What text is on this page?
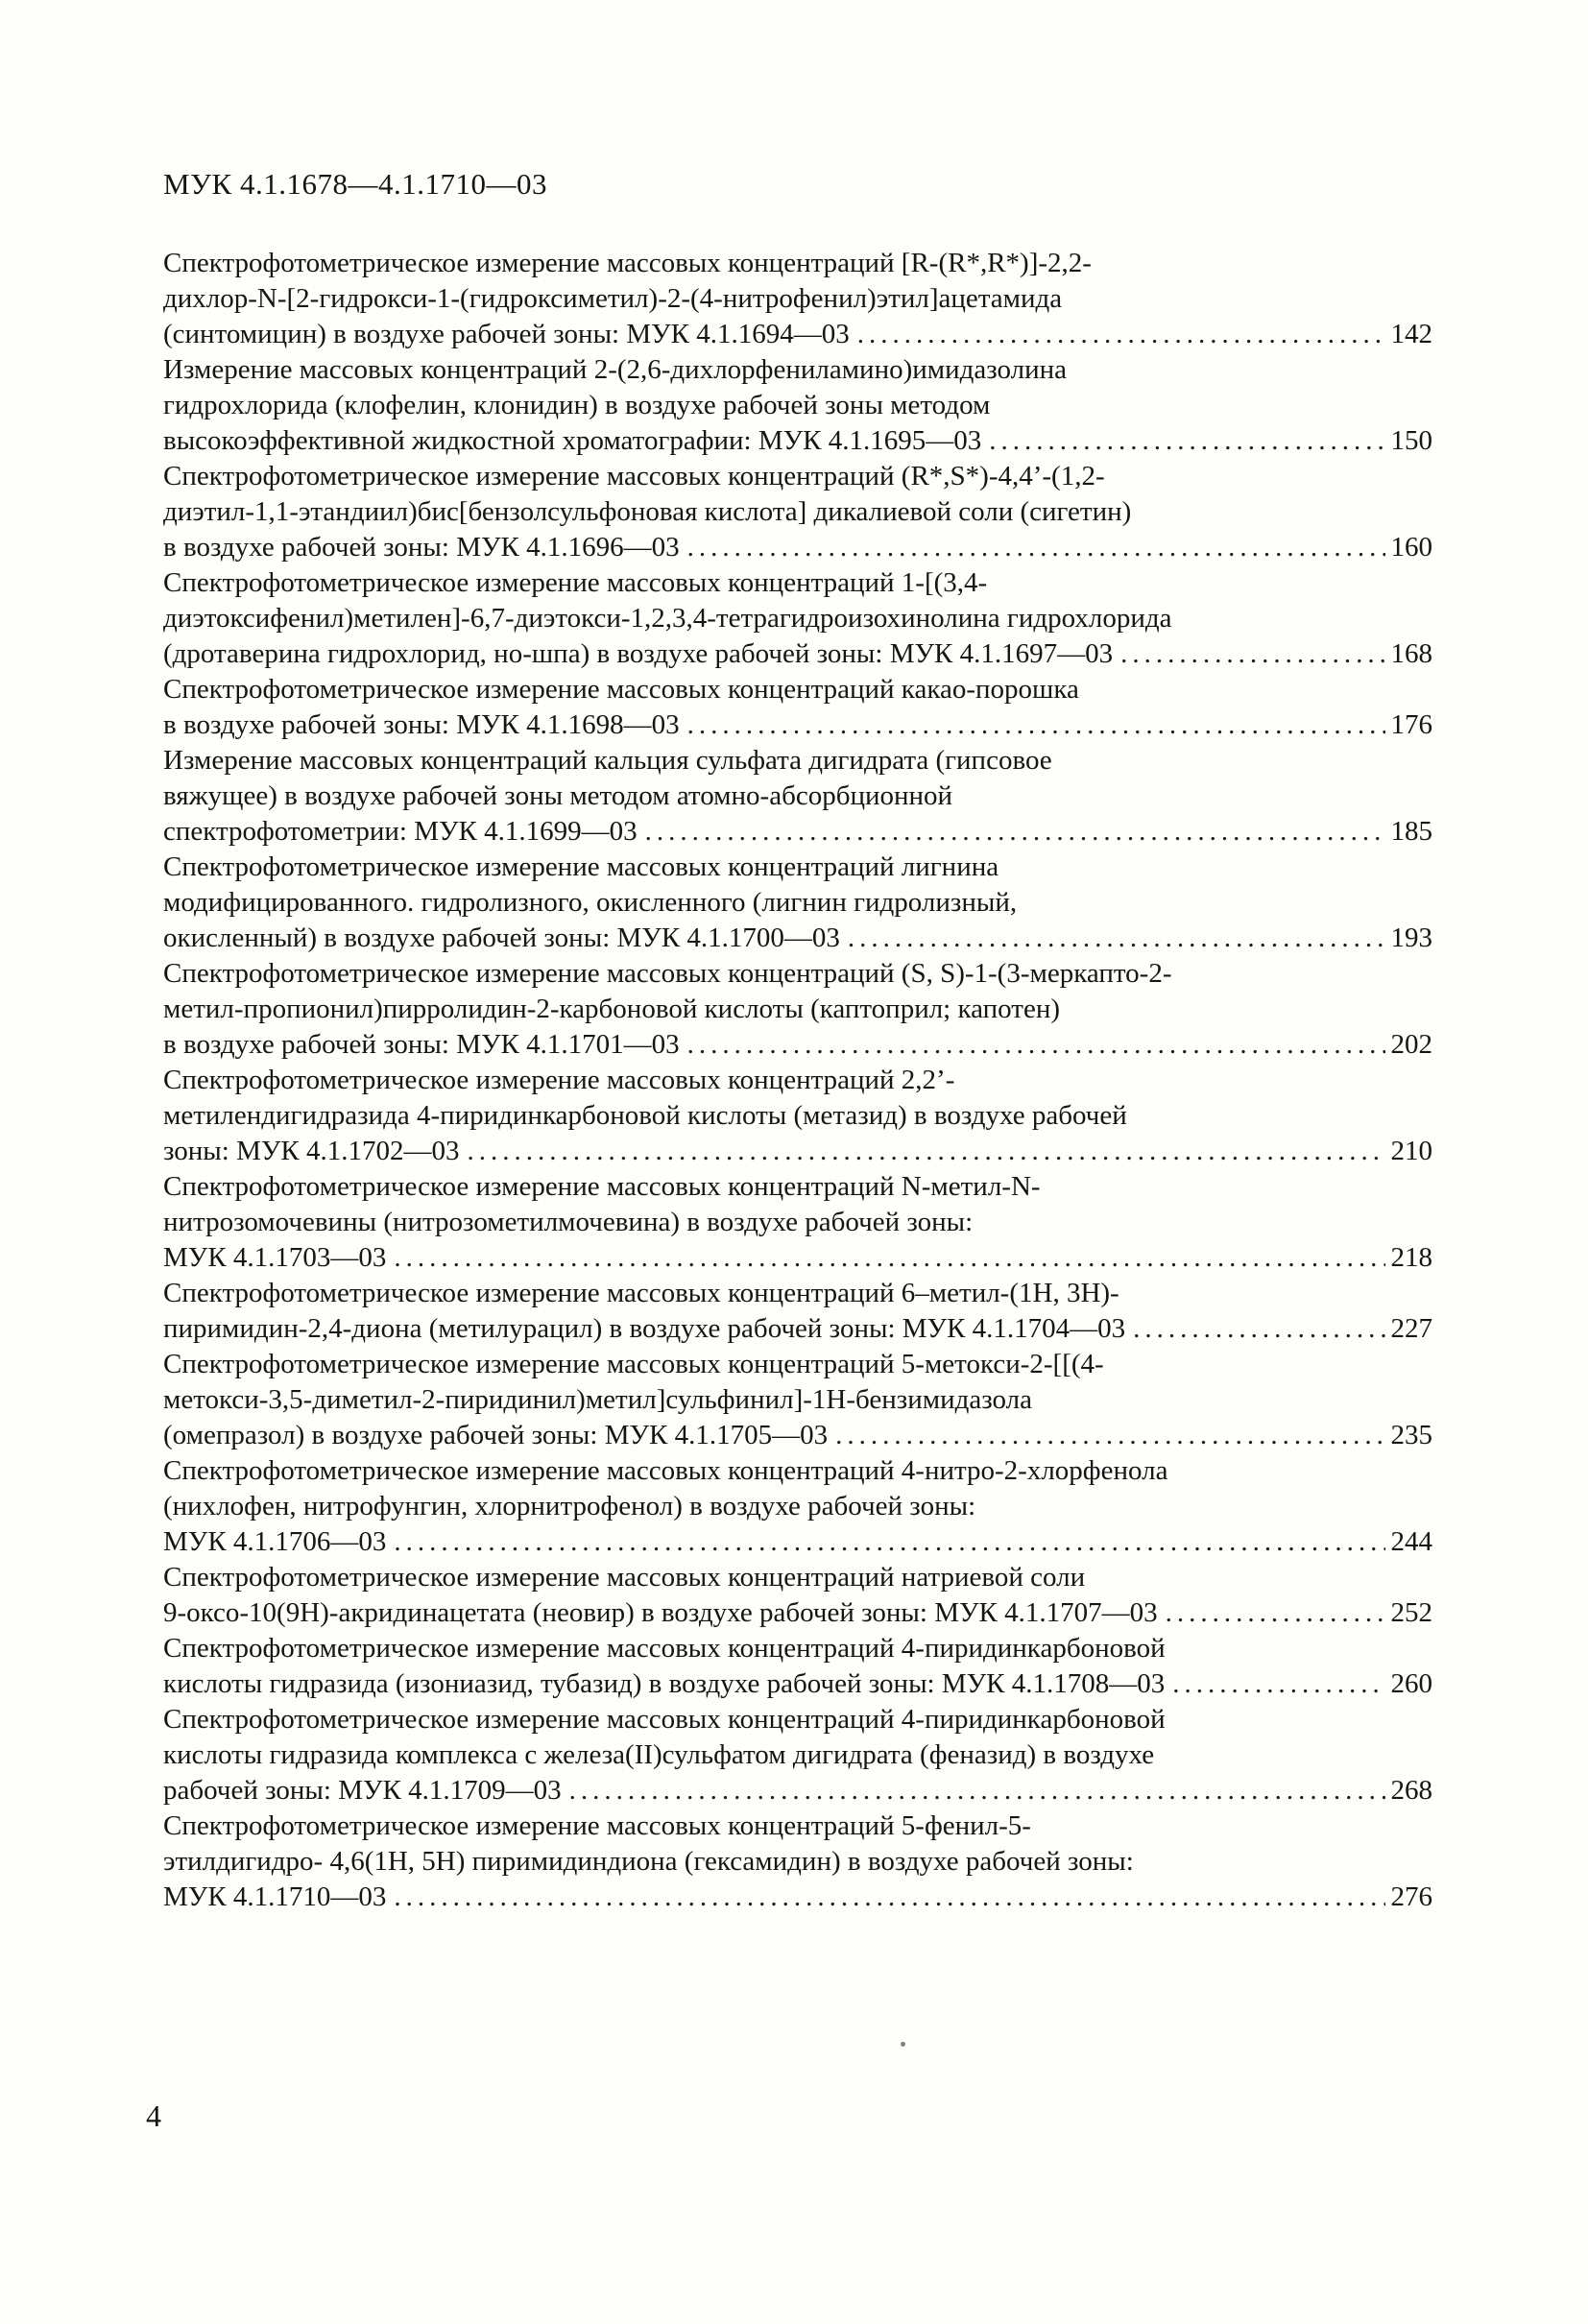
МУК 4.1.1678—4.1.1710—03
Спектрофотометрическое измерение массовых концентраций [R-(R*,R*)]-2,2-
дихлор-N-[2-гидрокси-1-(гидроксиметил)-2-(4-нитрофенил)этил]ацетамида
(синтомицин) в воздухе рабочей зоны: МУК 4.1.1694—03 .....	142
Измерение массовых концентраций 2-(2,6-дихлорфениламино)имидазолина
гидрохлорида (клофелин, клонидин) в воздухе рабочей зоны методом
высокоэффективной жидкостной хроматографии: МУК 4.1.1695—03 .....	150
Спектрофотометрическое измерение массовых концентраций (R*,S*)-4,4’-(1,2-
диэтил-1,1-этандиил)бис[бензолсульфоновая кислота] дикалиевой соли (сигетин)
в воздухе рабочей зоны: МУК 4.1.1696—03 .....	160
Спектрофотометрическое измерение массовых концентраций 1-[(3,4-
диэтоксифенил)метилен]-6,7-диэтокси-1,2,3,4-тетрагидроизохинолина гидрохлорида
(дротаверина гидрохлорид, но-шпа) в воздухе рабочей зоны: МУК 4.1.1697—03 .....	168
Спектрофотометрическое измерение массовых концентраций какао-порошка
в воздухе рабочей зоны: МУК 4.1.1698—03 .....	176
Измерение массовых концентраций кальция сульфата дигидрата (гипсовое
вяжущее) в воздухе рабочей зоны методом атомно-абсорбционной
спектрофотометрии: МУК 4.1.1699—03 .....	185
Спектрофотометрическое измерение массовых концентраций лигнина
модифицированного. гидролизного, окисленного (лигнин гидролизный,
окисленный) в воздухе рабочей зоны: МУК 4.1.1700—03 .....	193
Спектрофотометрическое измерение массовых концентраций (S, S)-1-(3-меркапто-2-
метил-пропионил)пирролидин-2-карбоновой кислоты (каптоприл; капотен)
в воздухе рабочей зоны: МУК 4.1.1701—03 .....	202
Спектрофотометрическое измерение массовых концентраций 2,2’-
метилендигидразида 4-пиридинкарбоновой кислоты (метазид) в воздухе рабочей
зоны: МУК 4.1.1702—03 .....	210
Спектрофотометрическое измерение массовых концентраций N-метил-N-
нитрозомочевины (нитрозометилмочевина) в воздухе рабочей зоны:
МУК 4.1.1703—03 .....	218
Спектрофотометрическое измерение массовых концентраций 6–метил-(1H, 3H)-
пиримидин-2,4-диона (метилурацил) в воздухе рабочей зоны: МУК 4.1.1704—03 .....	227
Спектрофотометрическое измерение массовых концентраций 5-метокси-2-[[(4-
метокси-3,5-диметил-2-пиридинил)метил]сульфинил]-1H-бензимидазола
(омепразол) в воздухе рабочей зоны: МУК 4.1.1705—03 .....	235
Спектрофотометрическое измерение массовых концентраций 4-нитро-2-хлорфенола
(нихлофен, нитрофунгин, хлорнитрофенол) в воздухе рабочей зоны:
МУК 4.1.1706—03 .....	244
Спектрофотометрическое измерение массовых концентраций натриевой соли
9-оксо-10(9H)-акридинацетата (неовир) в воздухе рабочей зоны: МУК 4.1.1707—03 .....	252
Спектрофотометрическое измерение массовых концентраций 4-пиридинкарбоновой
кислоты гидразида (изониазид, тубазид) в воздухе рабочей зоны: МУК 4.1.1708—03 .....	260
Спектрофотометрическое измерение массовых концентраций 4-пиридинкарбоновой
кислоты гидразида комплекса с железа(II)сульфатом дигидрата (феназид) в воздухе
рабочей зоны: МУК 4.1.1709—03 .....	268
Спектрофотометрическое измерение массовых концентраций 5-фенил-5-
этилдигидро- 4,6(1H, 5H) пиримидиндиона (гексамидин) в воздухе рабочей зоны:
МУК 4.1.1710—03 .....	276
4
